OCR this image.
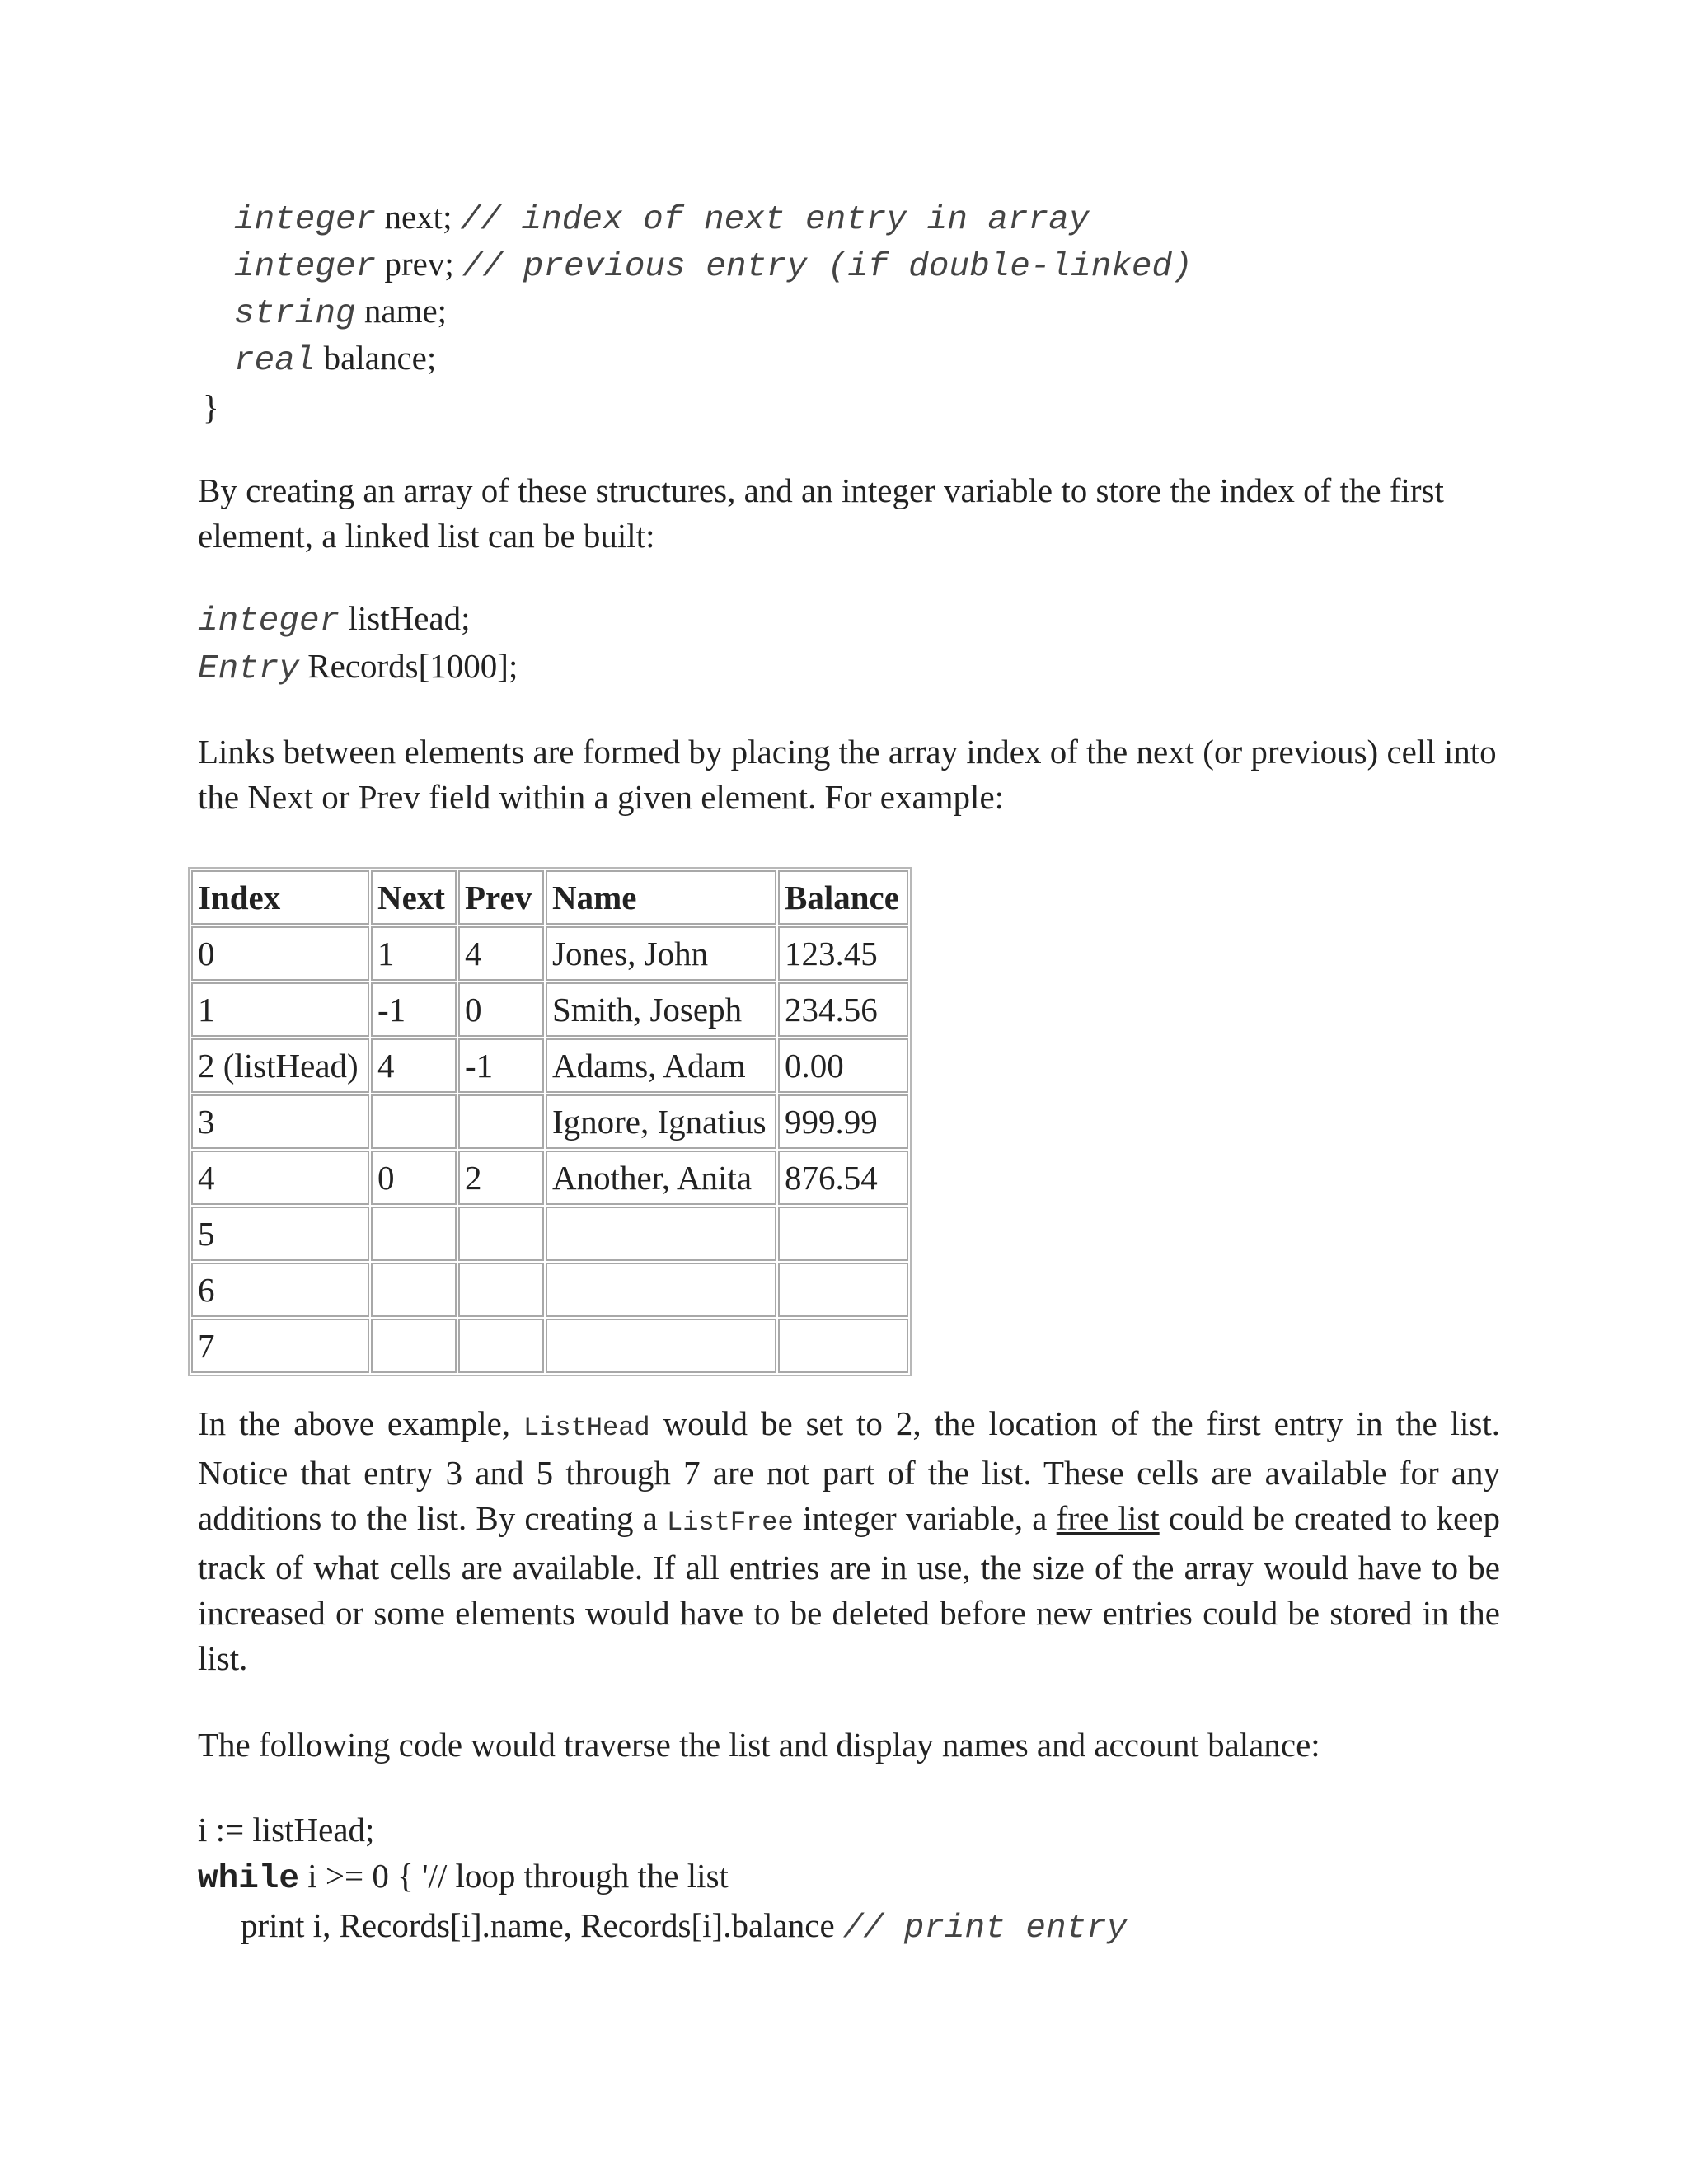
integer next; // index of next entry in array
integer prev; // previous entry (if double-linked)
string name;
real balance;
}
By creating an array of these structures, and an integer variable to store the index of the first element, a linked list can be built:
integer listHead;
Entry Records[1000];
Links between elements are formed by placing the array index of the next (or previous) cell into the Next or Prev field within a given element. For example:
Index	Next	Prev	Name	Balance
0	1	4	Jones, John	123.45
1	-1	0	Smith, Joseph	234.56
2 (listHead)	4	-1	Adams, Adam	0.00
3			Ignore, Ignatius	999.99
4	0	2	Another, Anita	876.54
5				
6				
7				
In the above example, ListHead would be set to 2, the location of the first entry in the list. Notice that entry 3 and 5 through 7 are not part of the list. These cells are available for any additions to the list. By creating a ListFree integer variable, a free list could be created to keep track of what cells are available. If all entries are in use, the size of the array would have to be increased or some elements would have to be deleted before new entries could be stored in the list.
The following code would traverse the list and display names and account balance:
i := listHead;
while i >= 0 { '// loop through the list
print i, Records[i].name, Records[i].balance // print entry
